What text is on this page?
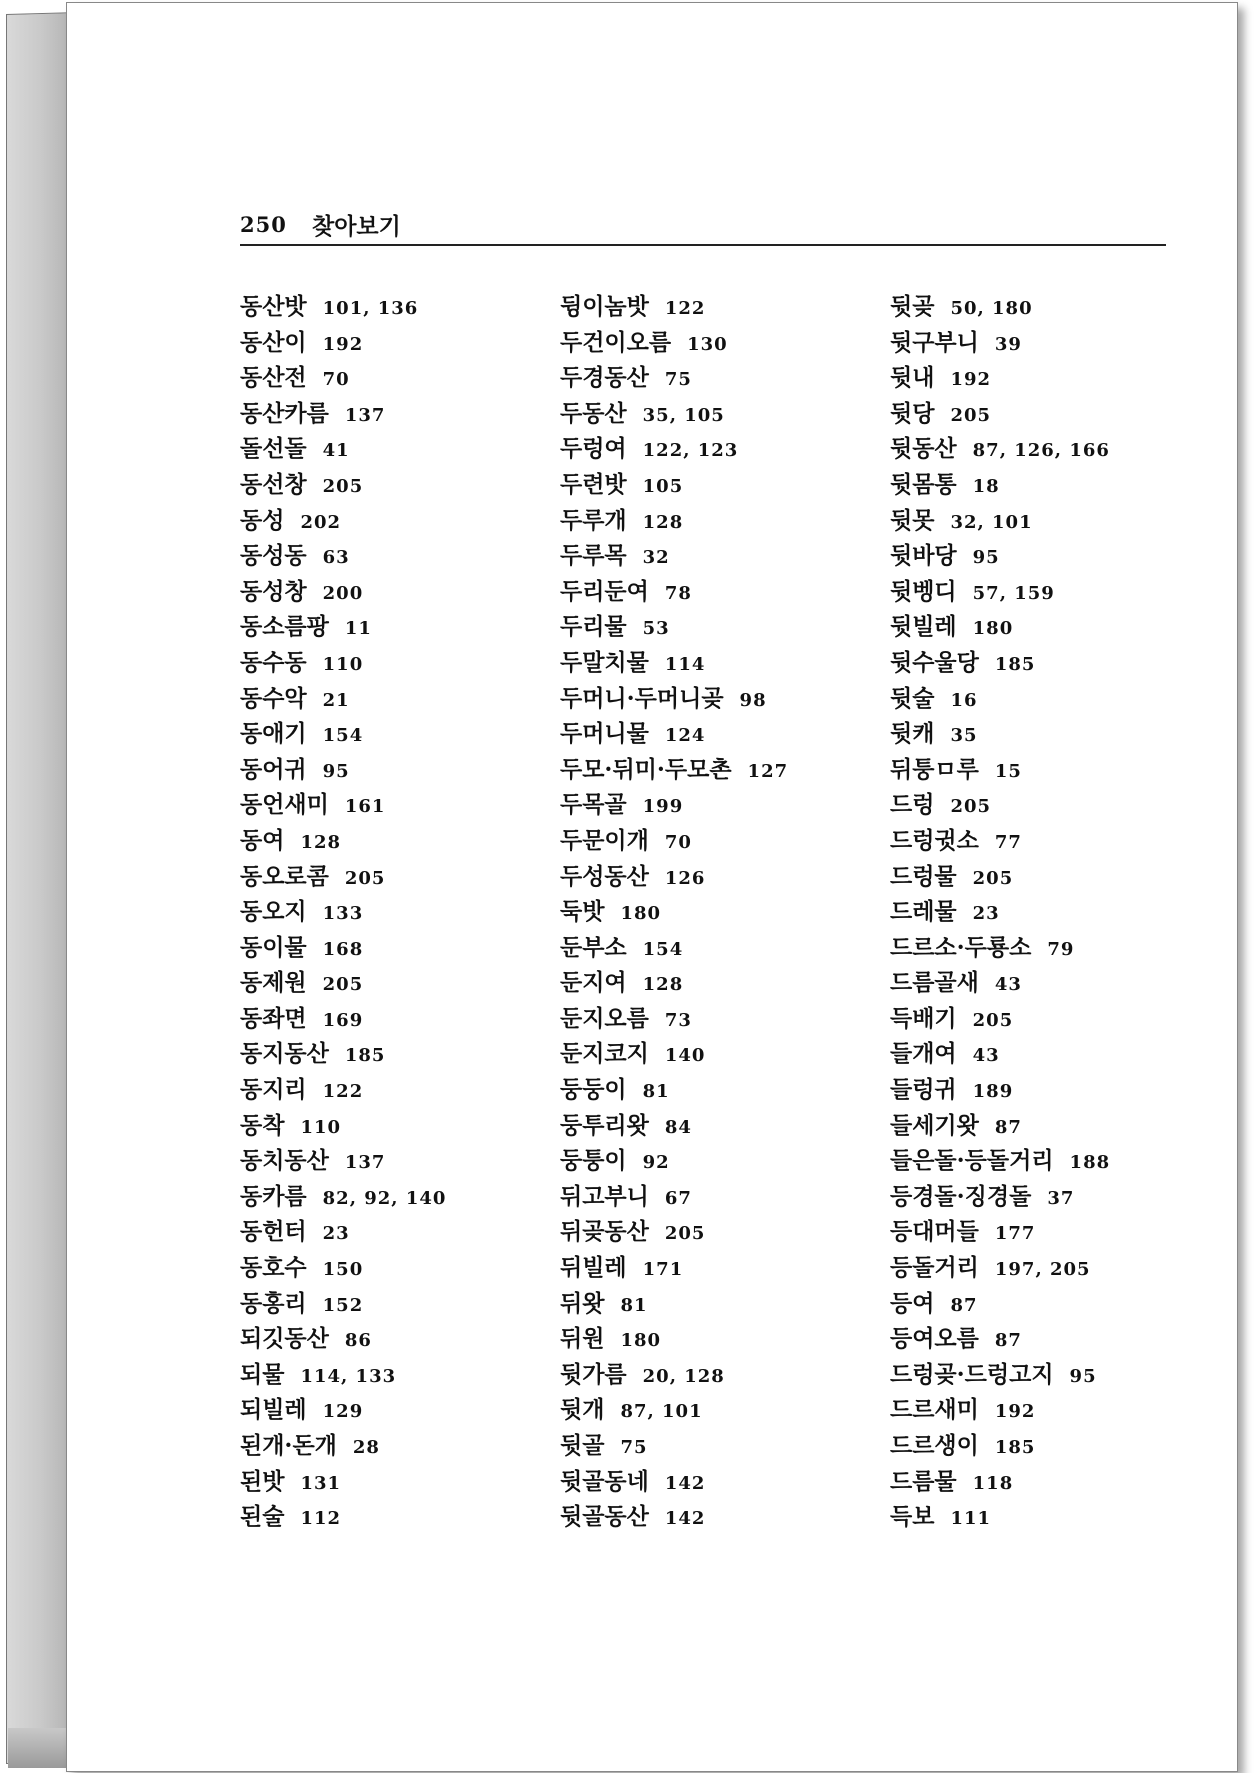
250 찾아보기
동산밧 101, 136
동산이 192
동산전 70
동산카름 137
돌선돌 41
동선창 205
동성 202
동성동 63
동성창 200
동소름팡 11
동수동 110
동수악 21
동애기 154
동어귀 95
동언새미 161
동여 128
동오로콤 205
동오지 133
동이물 168
동제원 205
동좌면 169
동지동산 185
동지리 122
동착 110
동치동산 137
동카름 82, 92, 140
동헌터 23
동호수 150
동홍리 152
되깃동산 86
되물 114, 133
되빌레 129
된개·돈개 28
된밧 131
된술 112
뒹이놈밧 122
두건이오름 130
두경동산 75
두동산 35, 105
두렁여 122, 123
두련밧 105
두루개 128
두루목 32
두리둔여 78
두리물 53
두말치물 114
두머니·두머니곶 98
두머니물 124
두모·뒤미·두모촌 127
두목골 199
두문이개 70
두성동산 126
둑밧 180
둔부소 154
둔지여 128
둔지오름 73
둔지코지 140
둥둥이 81
둥투리왓 84
둥퉁이 92
뒤고부니 67
뒤곶동산 205
뒤빌레 171
뒤왓 81
뒤원 180
뒷가름 20, 128
뒷개 87, 101
뒷골 75
뒷골동네 142
뒷골동산 142
뒷곶 50, 180
뒷구부니 39
뒷내 192
뒷당 205
뒷동산 87, 126, 166
뒷몸통 18
뒷못 32, 101
뒷바당 95
뒷벵디 57, 159
뒷빌레 180
뒷수울당 185
뒷술 16
뒷캐 35
뒤퉁ㅁ루 15
드렁 205
드렁귓소 77
드렁물 205
드레물 23
드르소·두룡소 79
드름골새 43
득배기 205
들개여 43
들렁귀 189
들세기왓 87
들은돌·등돌거리 188
등경돌·징경돌 37
등대머들 177
등돌거리 197, 205
등여 87
등여오름 87
드렁곶·드렁고지 95
드르새미 192
드르생이 185
드름물 118
득보 111
